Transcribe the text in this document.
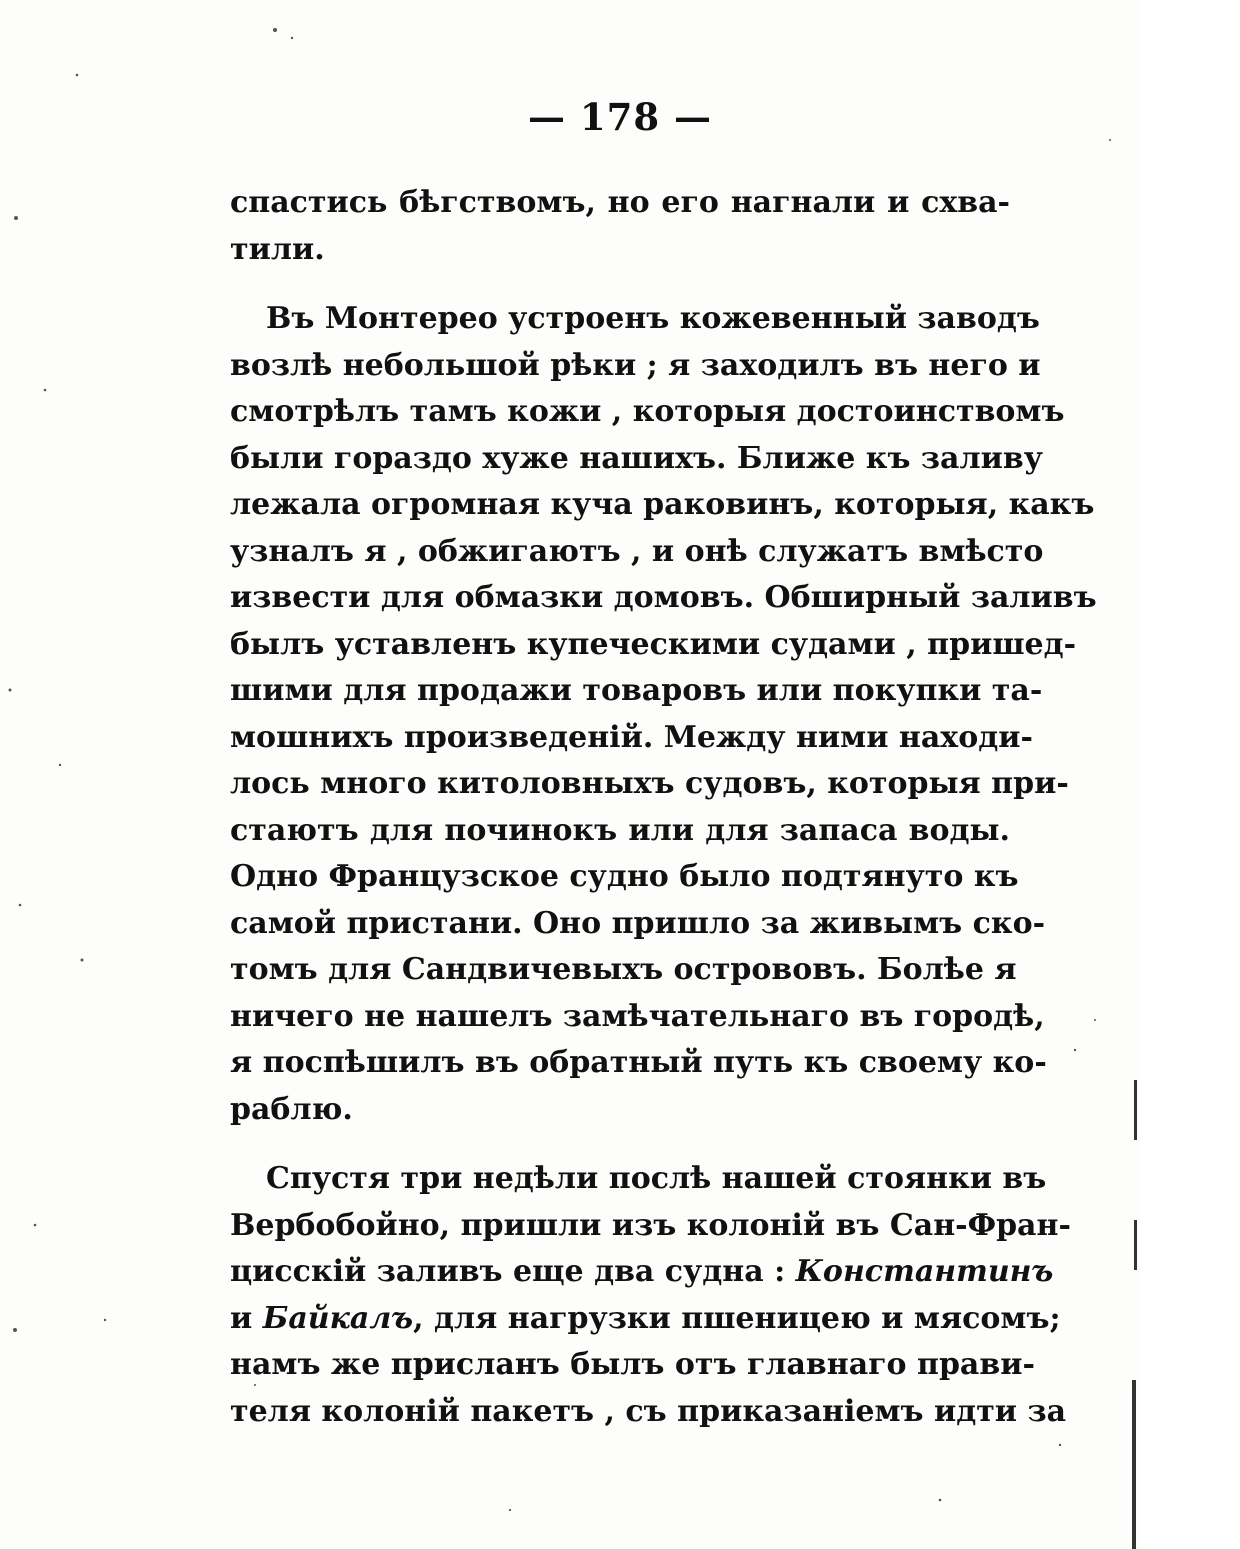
— 178 —
спастись бѣгствомъ, но его нагнали и схва-
тили.
Въ Монтерео устроенъ кожевенный заводъ
возлѣ небольшой рѣки ; я заходилъ въ него и
смотрѣлъ тамъ кожи , которыя достоинствомъ
были гораздо хуже нашихъ. Ближе къ заливу
лежала огромная куча раковинъ, которыя, какъ
узналъ я , обжигаютъ , и онѣ служатъ вмѣсто
извести для обмазки домовъ. Обширный заливъ
былъ уставленъ купеческими судами , пришед-
шими для продажи товаровъ или покупки та-
мошнихъ произведеній. Между ними находи-
лось много китоловныхъ судовъ, которыя при-
стаютъ для починокъ или для запаса воды.
Одно Французское судно было подтянуто къ
самой пристани. Оно пришло за живымъ ско-
томъ для Сандвичевыхъ острововъ. Болѣе я
ничего не нашелъ замѣчательнаго въ городѣ,
я поспѣшилъ въ обратный путь къ своему ко-
раблю.
Спустя три недѣли послѣ нашей стоянки въ
Вербобойно, пришли изъ колоній въ Сан-Фран-
цисскій заливъ еще два судна : Константинъ
и Байкалъ, для нагрузки пшеницею и мясомъ;
намъ же присланъ былъ отъ главнаго прави-
теля колоній пакетъ , съ приказаніемъ идти за
